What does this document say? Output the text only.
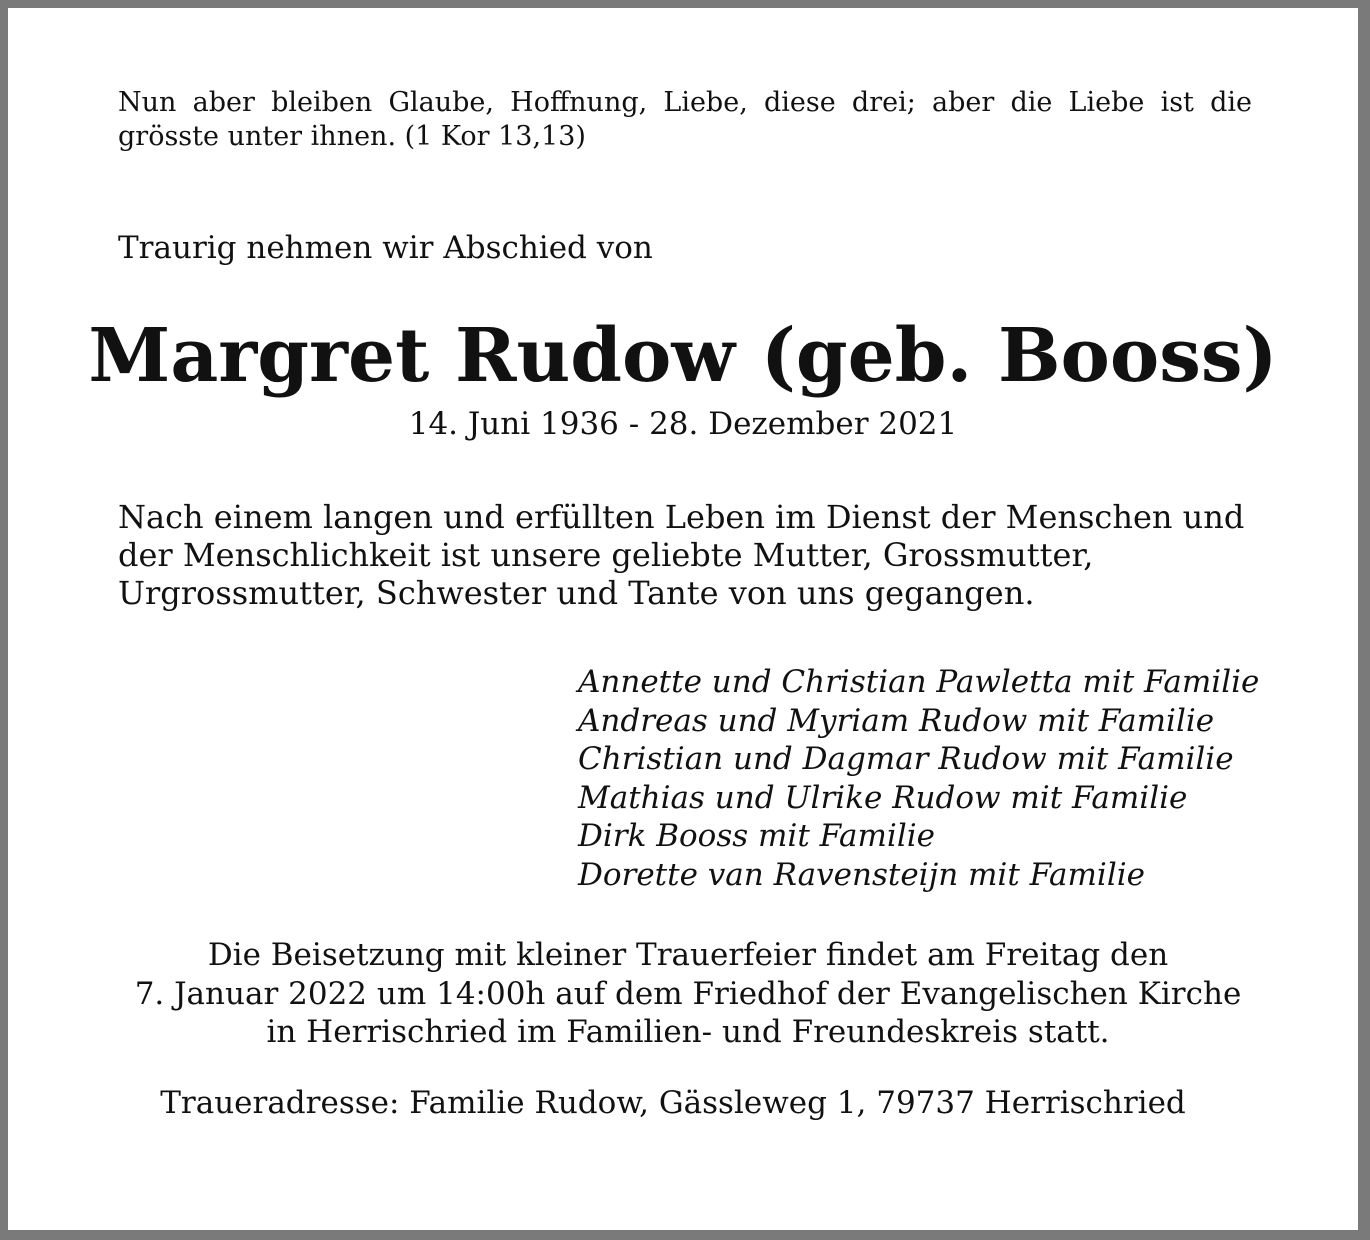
Nun aber bleiben Glaube, Hoffnung, Liebe, diese drei; aber die Liebe ist die grösste unter ihnen. (1 Kor 13,13)

Traurig nehmen wir Abschied von

Margret Rudow (geb. Booss)

14. Juni 1936 - 28. Dezember 2021

Nach einem langen und erfüllten Leben im Dienst der Menschen und der Menschlichkeit ist unsere geliebte Mutter, Grossmutter, Urgrossmutter, Schwester und Tante von uns gegangen.

Annette und Christian Pawletta mit Familie
Andreas und Myriam Rudow mit Familie
Christian und Dagmar Rudow mit Familie
Mathias und Ulrike Rudow mit Familie
Dirk Booss mit Familie
Dorette van Ravensteijn mit Familie

Die Beisetzung mit kleiner Trauerfeier findet am Freitag den
7. Januar 2022 um 14:00h auf dem Friedhof der Evangelischen Kirche
in Herrischried im Familien- und Freundeskreis statt.

Traueradresse: Familie Rudow, Gässleweg 1, 79737 Herrischried
